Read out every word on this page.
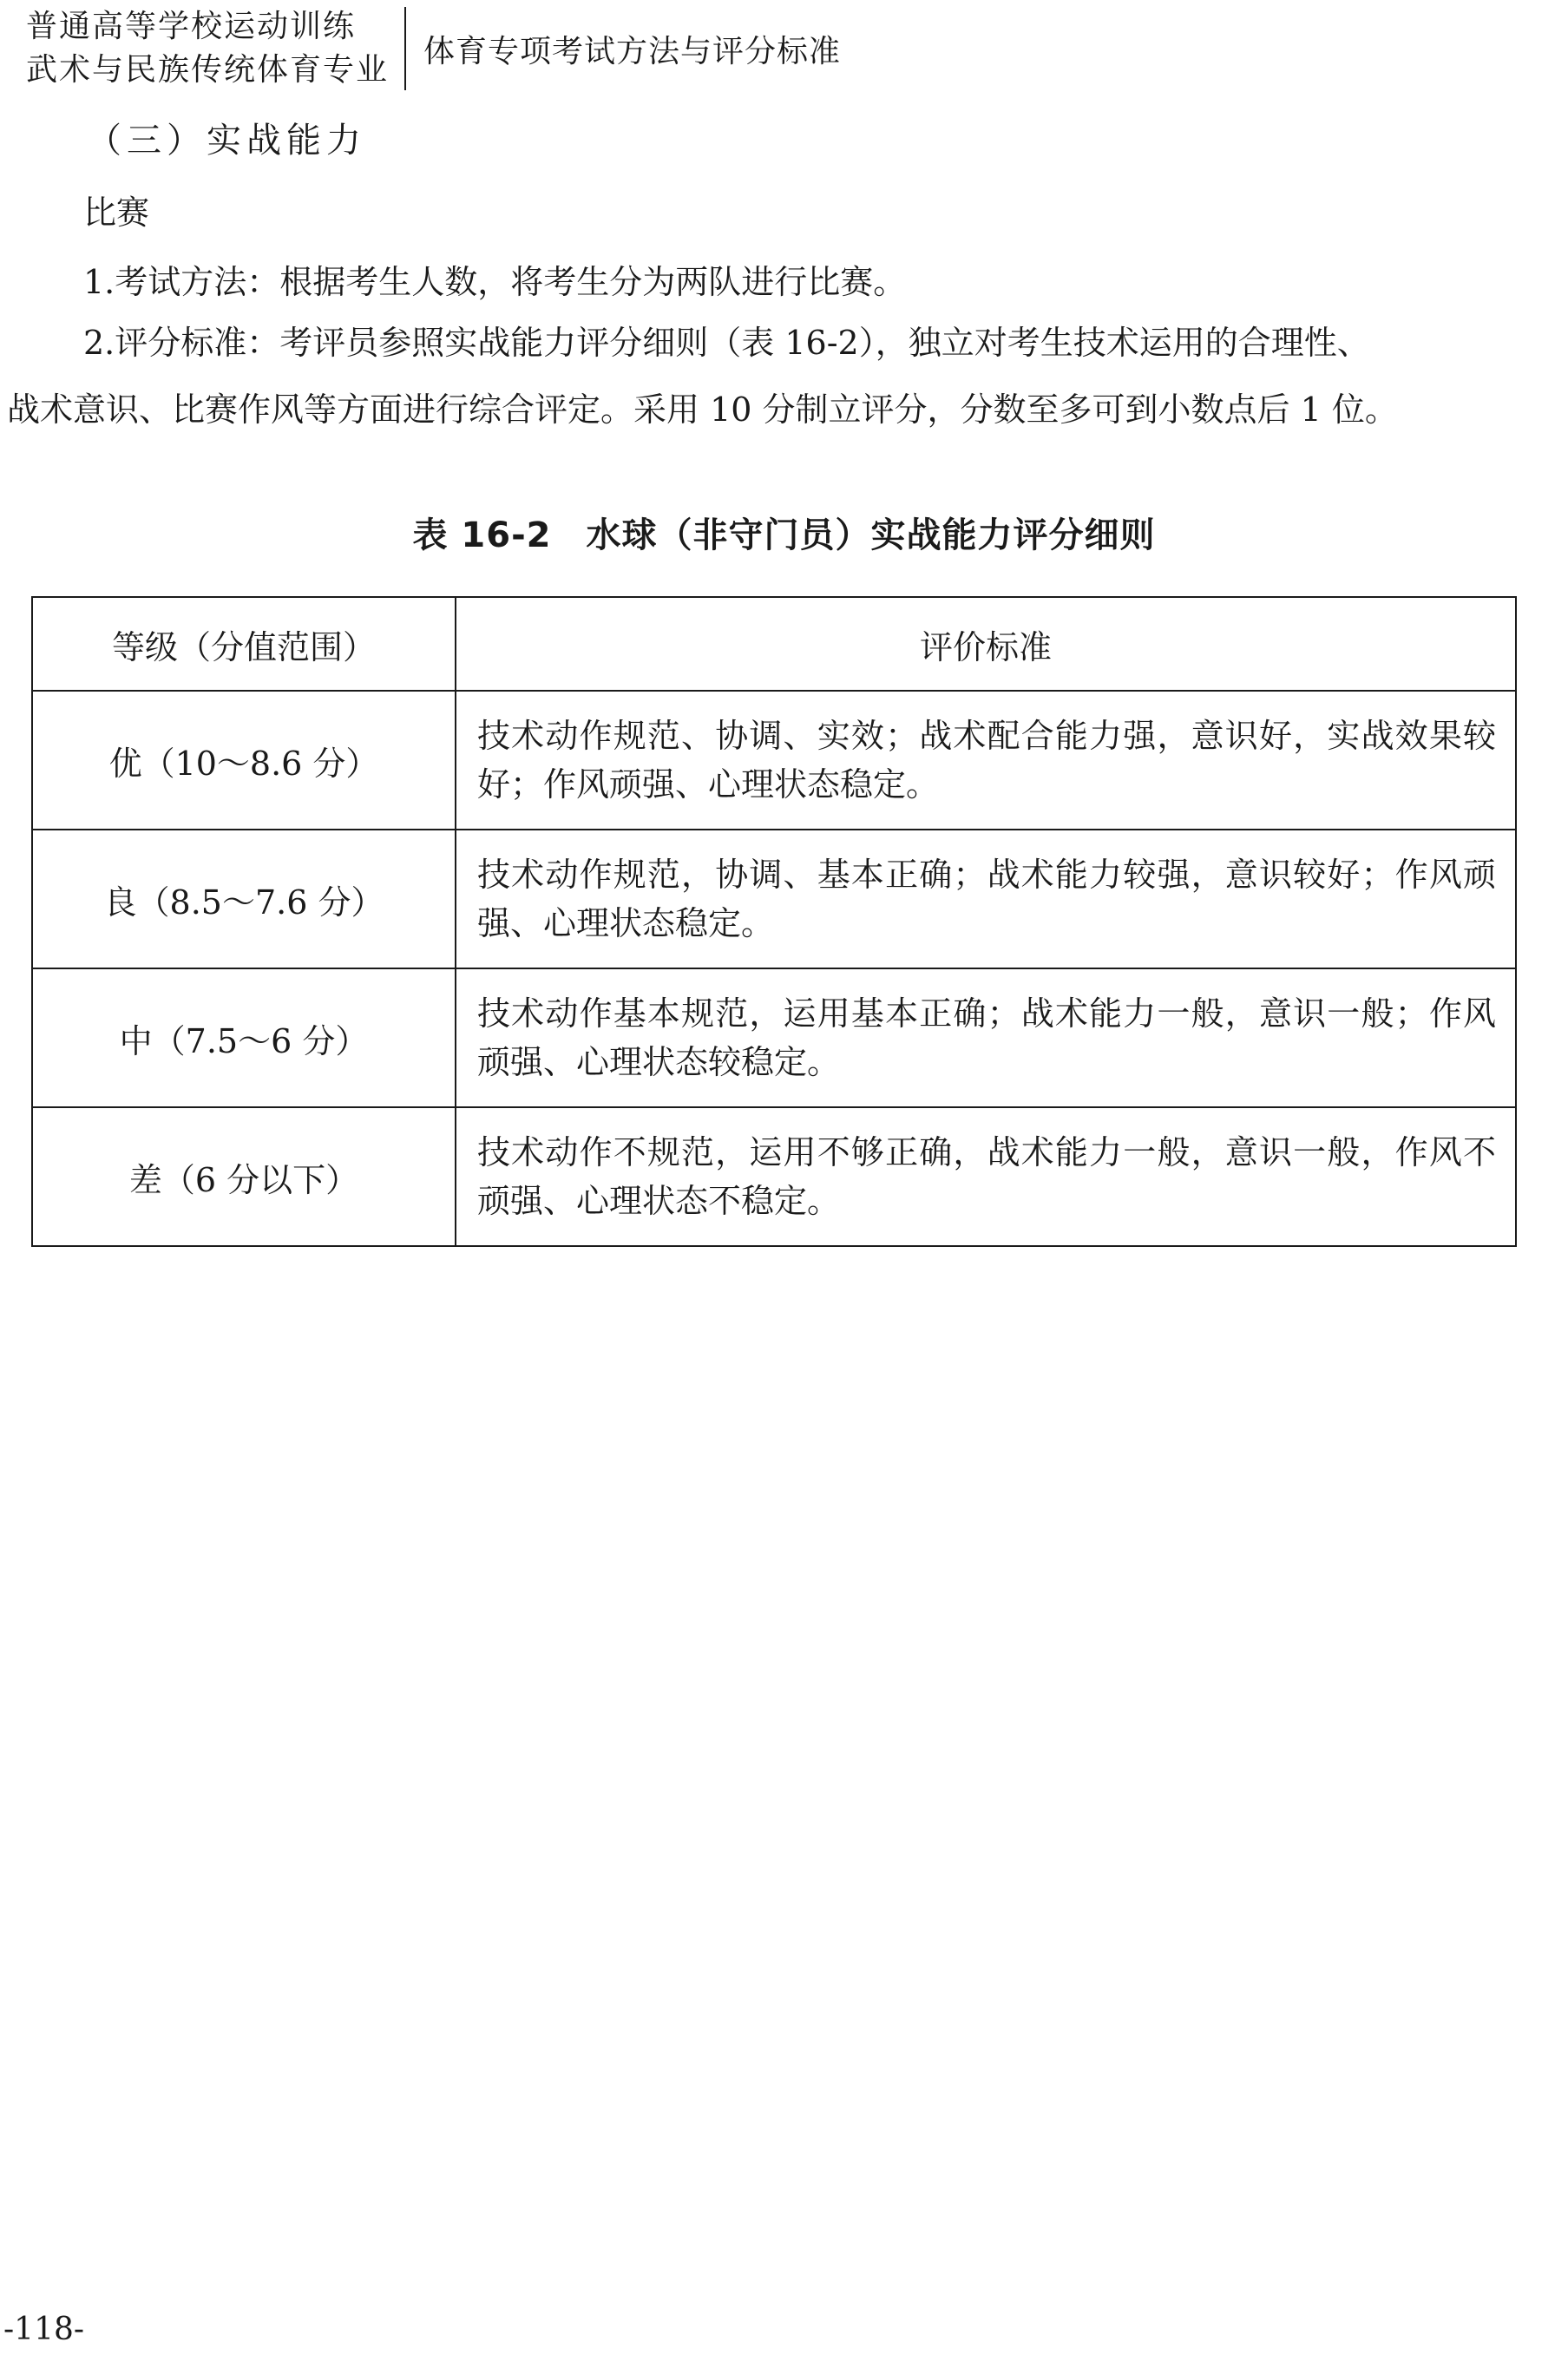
普通高等学校运动训练
武术与民族传统体育专业
体育专项考试方法与评分标准
（三）实战能力
比赛
1.考试方法：根据考生人数，将考生分为两队进行比赛。
2.评分标准：考评员参照实战能力评分细则（表 16-2），独立对考生技术运用的合理性、
战术意识、比赛作风等方面进行综合评定。采用 10 分制立评分，分数至多可到小数点后 1 位。
表 16-2 水球（非守门员）实战能力评分细则
等级（分值范围）	评价标准
优（10～8.6 分）	技术动作规范、协调、实效；战术配合能力强，意识好，实战效果较好；作风顽强、心理状态稳定。
良（8.5～7.6 分）	技术动作规范，协调、基本正确；战术能力较强，意识较好；作风顽强、心理状态稳定。
中（7.5～6 分）	技术动作基本规范，运用基本正确；战术能力一般，意识一般；作风顽强、心理状态较稳定。
差（6 分以下）	技术动作不规范，运用不够正确，战术能力一般，意识一般，作风不顽强、心理状态不稳定。
-118-
